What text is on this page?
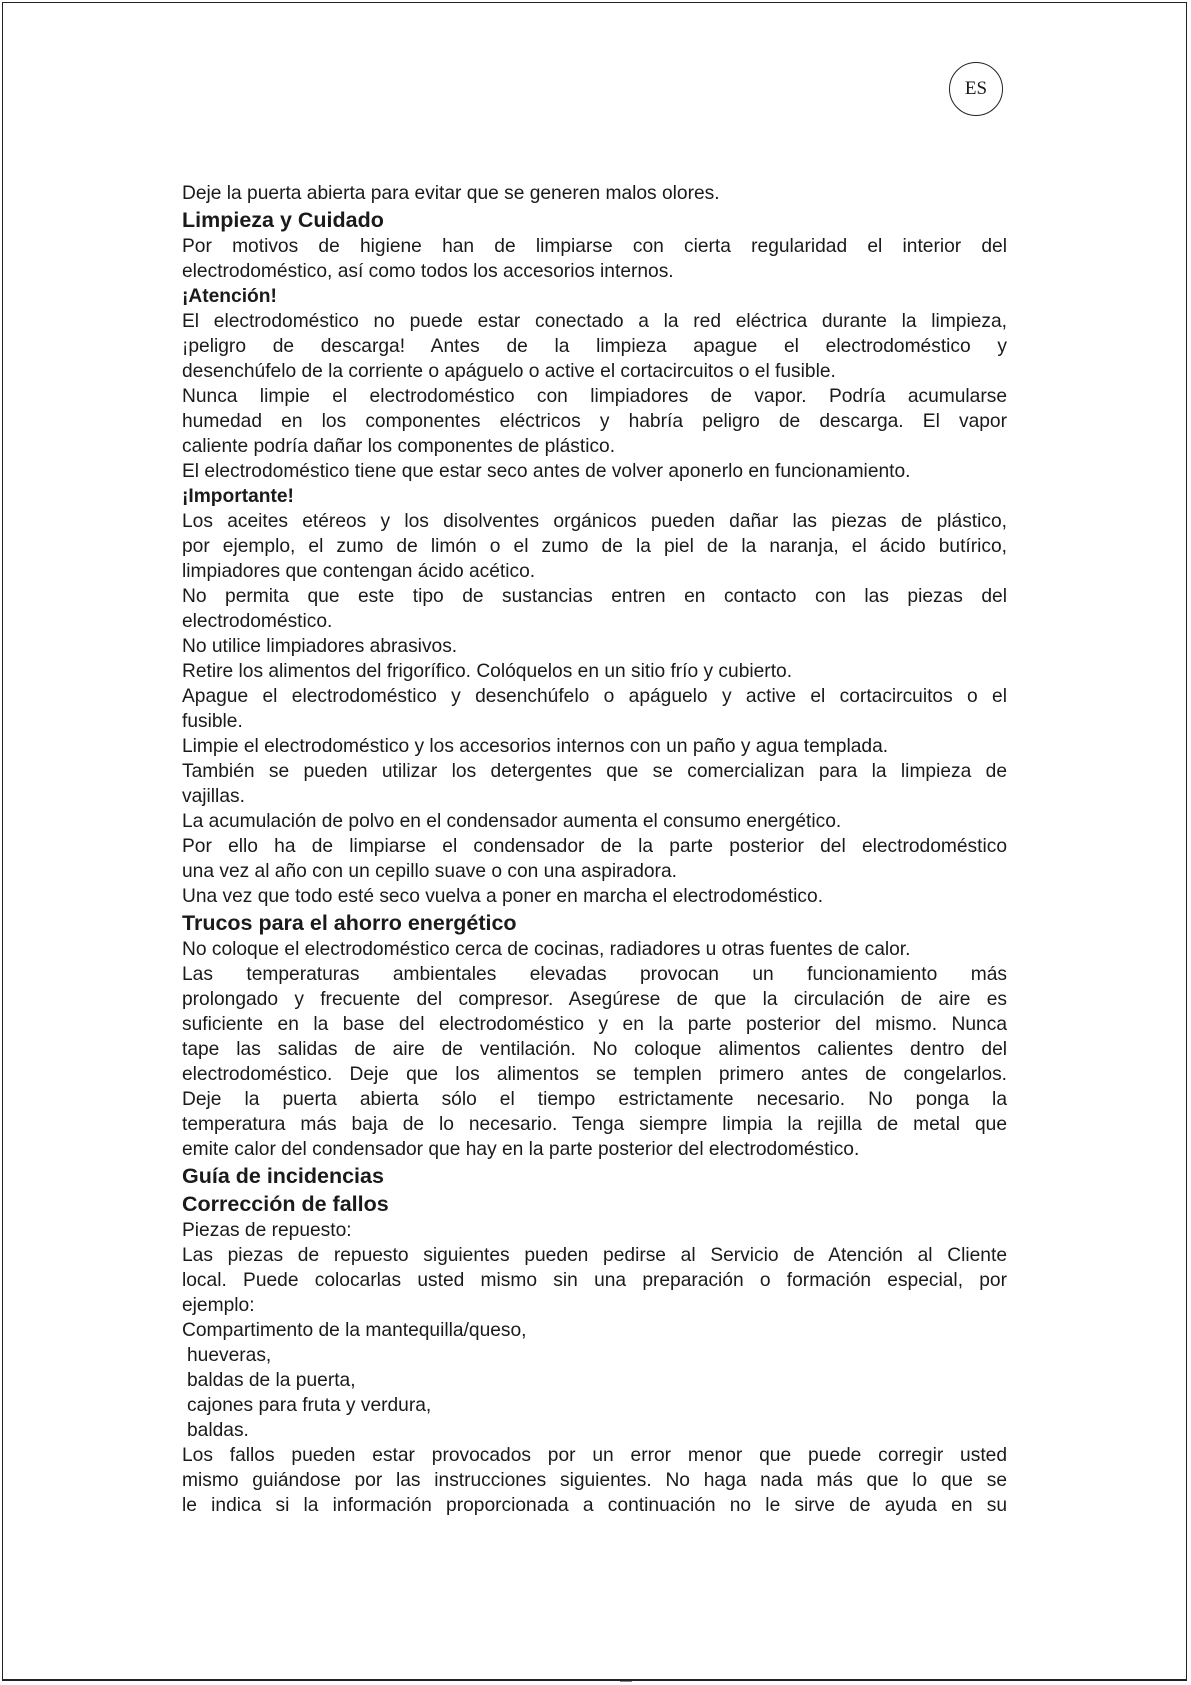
ES
Deje la puerta abierta para evitar que se generen malos olores.
Limpieza y Cuidado
Por motivos de higiene han de limpiarse con cierta regularidad el interior del
electrodoméstico, así como todos los accesorios internos.
¡Atención!
El electrodoméstico no puede estar conectado a la red eléctrica durante la limpieza,
¡peligro de descarga! Antes de la limpieza apague el electrodoméstico y
desenchúfelo de la corriente o apáguelo o active el cortacircuitos o el fusible.
Nunca limpie el electrodoméstico con limpiadores de vapor. Podría acumularse
humedad en los componentes eléctricos y habría peligro de descarga. El vapor
caliente podría dañar los componentes de plástico.
El electrodoméstico tiene que estar seco antes de volver aponerlo en funcionamiento.
¡Importante!
Los aceites etéreos y los disolventes orgánicos pueden dañar las piezas de plástico,
por ejemplo, el zumo de limón o el zumo de la piel de la naranja, el ácido butírico,
limpiadores que contengan ácido acético.
No permita que este tipo de sustancias entren en contacto con las piezas del
electrodoméstico.
No utilice limpiadores abrasivos.
Retire los alimentos del frigorífico. Colóquelos en un sitio frío y cubierto.
Apague el electrodoméstico y desenchúfelo o apáguelo y active el cortacircuitos o el
fusible.
Limpie el electrodoméstico y los accesorios internos con un paño y agua templada.
También se pueden utilizar los detergentes que se comercializan para la limpieza de
vajillas.
La acumulación de polvo en el condensador aumenta el consumo energético.
Por ello ha de limpiarse el condensador de la parte posterior del electrodoméstico
una vez al año con un cepillo suave o con una aspiradora.
Una vez que todo esté seco vuelva a poner en marcha el electrodoméstico.
Trucos para el ahorro energético
No coloque el electrodoméstico cerca de cocinas, radiadores u otras fuentes de calor.
Las temperaturas ambientales elevadas provocan un funcionamiento más
prolongado y frecuente del compresor. Asegúrese de que la circulación de aire es
suficiente en la base del electrodoméstico y en la parte posterior del mismo. Nunca
tape las salidas de aire de ventilación. No coloque alimentos calientes dentro del
electrodoméstico. Deje que los alimentos se templen primero antes de congelarlos.
Deje la puerta abierta sólo el tiempo estrictamente necesario. No ponga la
temperatura más baja de lo necesario. Tenga siempre limpia la rejilla de metal que
emite calor del condensador que hay en la parte posterior del electrodoméstico.
Guía de incidencias
Corrección de fallos
Piezas de repuesto:
Las piezas de repuesto siguientes pueden pedirse al Servicio de Atención al Cliente
local. Puede colocarlas usted mismo sin una preparación o formación especial, por
ejemplo:
Compartimento de la mantequilla/queso,
hueveras,
baldas de la puerta,
cajones para fruta y verdura,
baldas.
Los fallos pueden estar provocados por un error menor que puede corregir usted
mismo guiándose por las instrucciones siguientes. No haga nada más que lo que se
le indica si la información proporcionada a continuación no le sirve de ayuda en su
